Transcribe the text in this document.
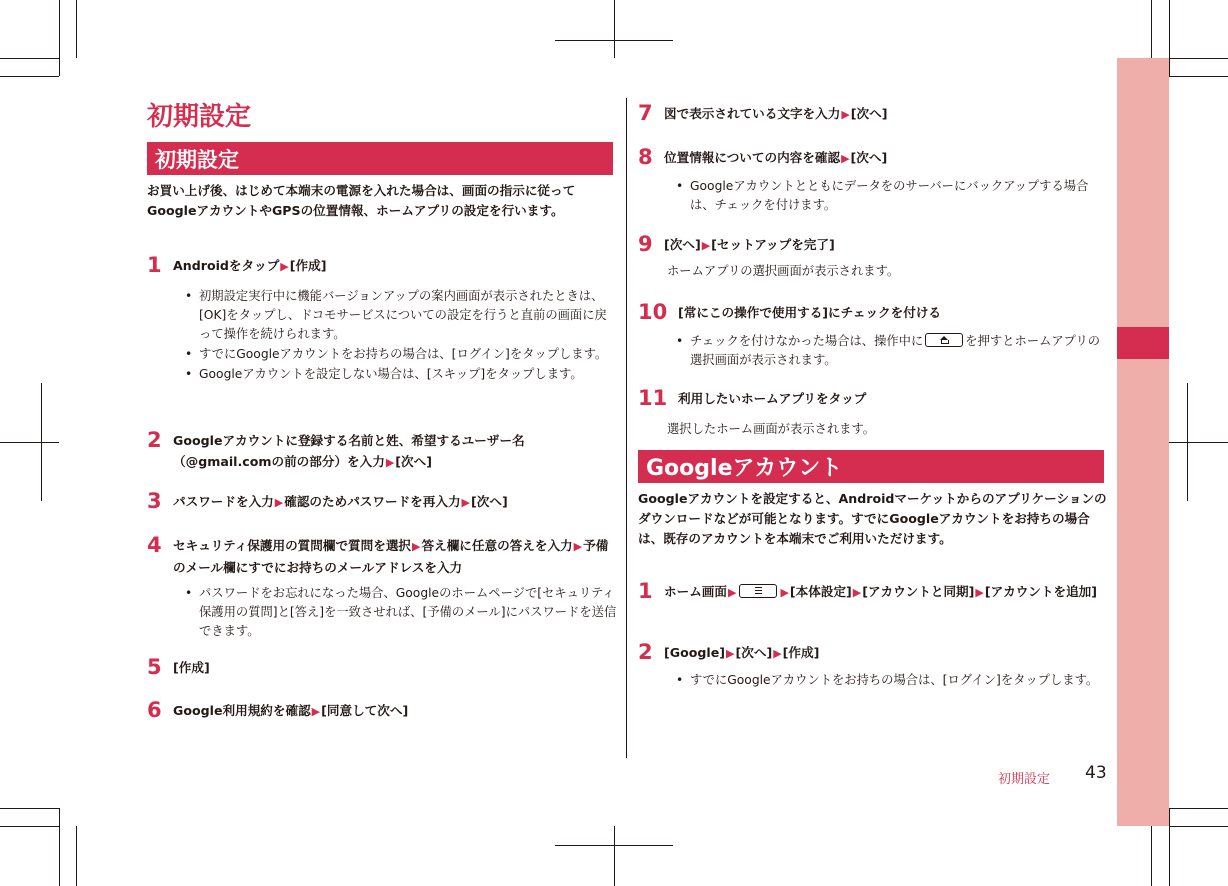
初期設定
初期設定
お買い上げ後、はじめて本端末の電源を入れた場合は、画面の指示に従ってGoogleアカウントやGPSの位置情報、ホームアプリの設定を行います。
1 Androidをタップ▶[作成]
• 初期設定実行中に機能バージョンアップの案内画面が表示されたときは、[OK]をタップし、ドコモサービスについての設定を行うと直前の画面に戻って操作を続けられます。
• すでにGoogleアカウントをお持ちの場合は、[ログイン]をタップします。
• Googleアカウントを設定しない場合は、[スキップ]をタップします。
2 Googleアカウントに登録する名前と姓、希望するユーザー名（@gmail.comの前の部分）を入力▶[次へ]
3 パスワードを入力▶確認のためパスワードを再入力▶[次へ]
4 セキュリティ保護用の質問欄で質問を選択▶答え欄に任意の答えを入力▶予備のメール欄にすでにお持ちのメールアドレスを入力
• パスワードをお忘れになった場合、Googleのホームページで[セキュリティ保護用の質問]と[答え]を一致させれば、[予備のメール]にパスワードを送信できます。
5 [作成]
6 Google利用規約を確認▶[同意して次へ]
7 図で表示されている文字を入力▶[次へ]
8 位置情報についての内容を確認▶[次へ]
• Googleアカウントとともにデータをのサーバーにバックアップする場合は、チェックを付けます。
9 [次へ]▶[セットアップを完了]
ホームアプリの選択画面が表示されます。
10 [常にこの操作で使用する]にチェックを付ける
• チェックを付けなかった場合は、操作中に	を押すとホームアプリの選択画面が表示されます。
11 利用したいホームアプリをタップ
選択したホーム画面が表示されます。
Googleアカウント
Googleアカウントを設定すると、Androidマーケットからのアプリケーションのダウンロードなどが可能となります。すでにGoogleアカウントをお持ちの場合は、既存のアカウントを本端末でご利用いただけます。
1 ホーム画面▶	▶[本体設定]▶[アカウントと同期]▶[アカウントを追加]
2 [Google]▶[次へ]▶[作成]
• すでにGoogleアカウントをお持ちの場合は、[ログイン]をタップします。
初期設定 43
